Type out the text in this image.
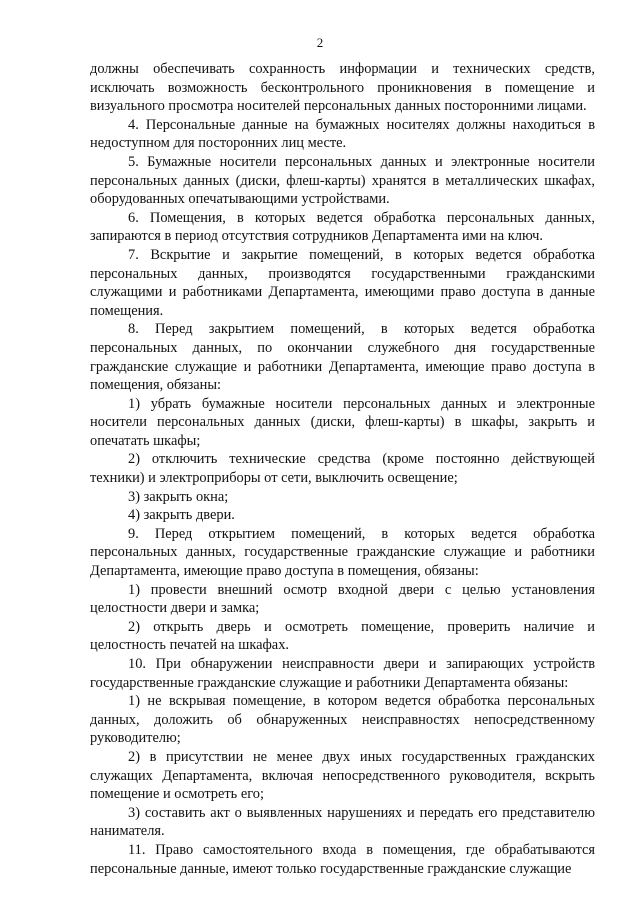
2

должны обеспечивать сохранность информации и технических средств, исключать возможность бесконтрольного проникновения в помещение и визуального просмотра носителей персональных данных посторонними лицами.

4. Персональные данные на бумажных носителях должны находиться в недоступном для посторонних лиц месте.

5. Бумажные носители персональных данных и электронные носители персональных данных (диски, флеш-карты) хранятся в металлических шкафах, оборудованных опечатывающими устройствами.

6. Помещения, в которых ведется обработка персональных данных, запираются в период отсутствия сотрудников Департамента ими на ключ.

7. Вскрытие и закрытие помещений, в которых ведется обработка персональных данных, производятся государственными гражданскими служащими и работниками Департамента, имеющими право доступа в данные помещения.

8. Перед закрытием помещений, в которых ведется обработка персональных данных, по окончании служебного дня государственные гражданские служащие и работники Департамента, имеющие право доступа в помещения, обязаны:

1) убрать бумажные носители персональных данных и электронные носители персональных данных (диски, флеш-карты) в шкафы, закрыть и опечатать шкафы;

2) отключить технические средства (кроме постоянно действующей техники) и электроприборы от сети, выключить освещение;

3) закрыть окна;

4) закрыть двери.

9. Перед открытием помещений, в которых ведется обработка персональных данных, государственные гражданские служащие и работники Департамента, имеющие право доступа в помещения, обязаны:

1) провести внешний осмотр входной двери с целью установления целостности двери и замка;

2) открыть дверь и осмотреть помещение, проверить наличие и целостность печатей на шкафах.

10. При обнаружении неисправности двери и запирающих устройств государственные гражданские служащие и работники Департамента обязаны:

1) не вскрывая помещение, в котором ведется обработка персональных данных, доложить об обнаруженных неисправностях непосредственному руководителю;

2) в присутствии не менее двух иных государственных гражданских служащих Департамента, включая непосредственного руководителя, вскрыть помещение и осмотреть его;

3) составить акт о выявленных нарушениях и передать его представителю нанимателя.

11. Право самостоятельного входа в помещения, где обрабатываются персональные данные, имеют только государственные гражданские служащие
